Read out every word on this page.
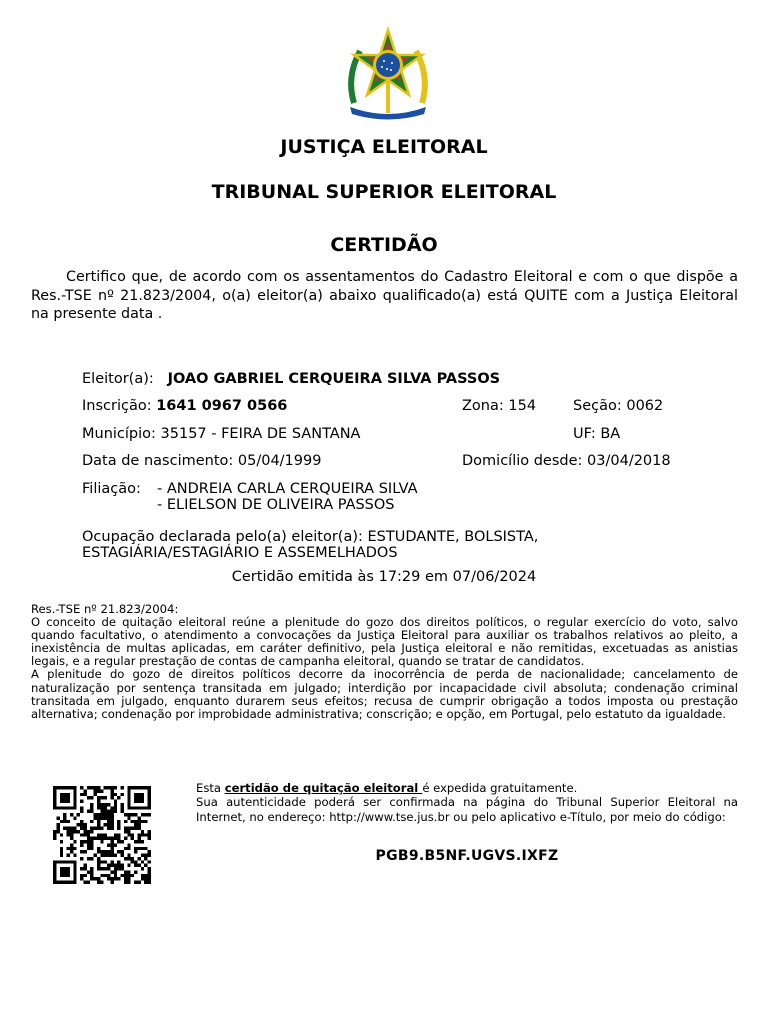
JUSTIÇA ELEITORAL
TRIBUNAL SUPERIOR ELEITORAL
CERTIDÃO
Certifico que, de acordo com os assentamentos do Cadastro Eleitoral e com o que dispõe a Res.-TSE nº 21.823/2004, o(a) eleitor(a) abaixo qualificado(a) está QUITE com a Justiça Eleitoral na presente data .
Eleitor(a): JOAO GABRIEL CERQUEIRA SILVA PASSOS
Inscrição: 1641 0967 0566	Zona: 154	Seção: 0062
Município: 35157 - FEIRA DE SANTANA	UF: BA
Data de nascimento: 05/04/1999	Domicílio desde: 03/04/2018
Filiação: - ANDREIA CARLA CERQUEIRA SILVA
- ELIELSON DE OLIVEIRA PASSOS
Ocupação declarada pelo(a) eleitor(a): ESTUDANTE, BOLSISTA,
ESTAGIÁRIA/ESTAGIÁRIO E ASSEMELHADOS
Certidão emitida às 17:29 em 07/06/2024

Res.-TSE nº 21.823/2004:

O conceito de quitação eleitoral reúne a plenitude do gozo dos direitos políticos, o regular exercício do voto, salvo quando facultativo, o atendimento a convocações da Justiça Eleitoral para auxiliar os trabalhos relativos ao pleito, a inexistência de multas aplicadas, em caráter definitivo, pela Justiça eleitoral e não remitidas, excetuadas as anistias legais, e a regular prestação de contas de campanha eleitoral, quando se tratar de candidatos.

A plenitude do gozo de direitos políticos decorre da inocorrência de perda de nacionalidade; cancelamento de naturalização por sentença transitada em julgado; interdição por incapacidade civil absoluta; condenação criminal transitada em julgado, enquanto durarem seus efeitos; recusa de cumprir obrigação a todos imposta ou prestação alternativa; condenação por improbidade administrativa; conscrição; e opção, em Portugal, pelo estatuto da igualdade.

Esta certidão de quitação eleitoral é expedida gratuitamente.

Sua autenticidade poderá ser confirmada na página do Tribunal Superior Eleitoral na Internet, no endereço: http://www.tse.jus.br ou pelo aplicativo e-Título, por meio do código:

PGB9.B5NF.UGVS.IXFZ
